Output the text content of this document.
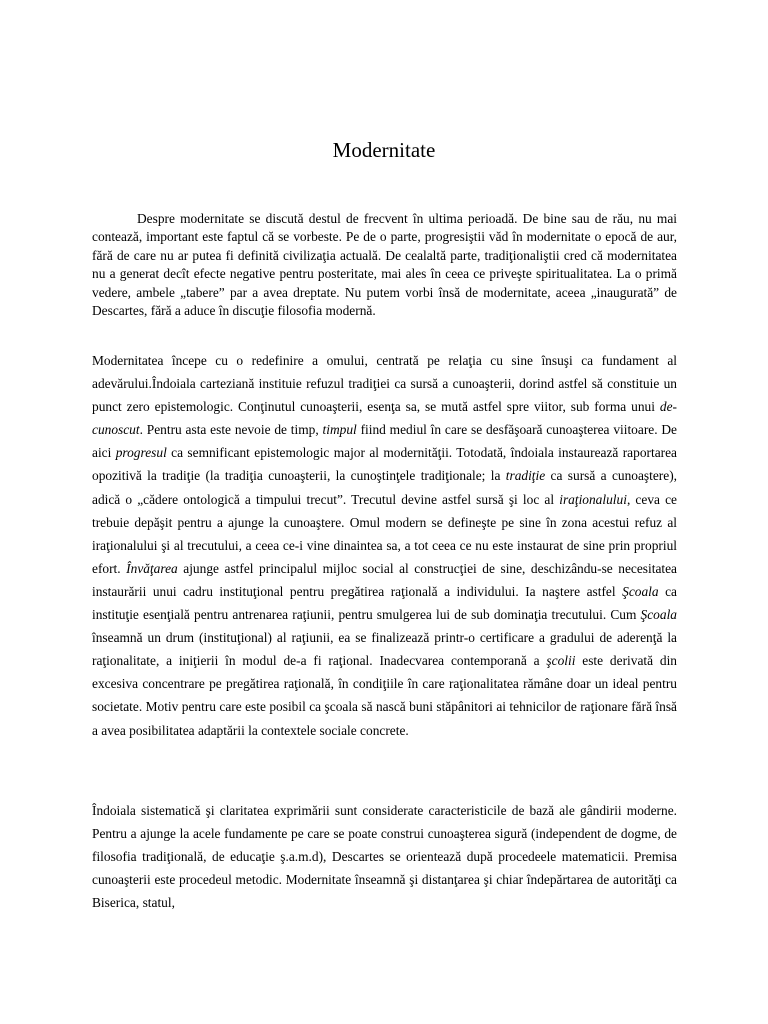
Modernitate

Despre modernitate se discută destul de frecvent în ultima perioadă. De bine sau de rău, nu mai contează, important este faptul că se vorbeste. Pe de o parte, progresiştii văd în modernitate o epocă de aur, fără de care nu ar putea fi definită civilizaţia actuală. De cealaltă parte, tradiţionaliştii cred că modernitatea nu a generat decît efecte negative pentru posteritate, mai ales în ceea ce priveşte spiritualitatea. La o primă vedere, ambele „tabere” par a avea dreptate. Nu putem vorbi însă de modernitate, aceea „inaugurată” de Descartes, fără a aduce în discuţie filosofia modernă.

Modernitatea începe cu o redefinire a omului, centrată pe relaţia cu sine însuşi ca fundament al adevărului.Îndoiala carteziană instituie refuzul tradiţiei ca sursă a cunoaşterii, dorind astfel să constituie un punct zero epistemologic. Conţinutul cunoaşterii, esenţa sa, se mută astfel spre viitor, sub forma unui de-cunoscut. Pentru asta este nevoie de timp, timpul fiind mediul în care se desfăşoară cunoaşterea viitoare. De aici progresul ca semnificant epistemologic major al modernităţii. Totodată, îndoiala instaurează raportarea opozitivă la tradiţie (la tradiţia cunoaşterii, la cunoştinţele tradiţionale; la tradiţie ca sursă a cunoaştere), adică o „cădere ontologică a timpului trecut”. Trecutul devine astfel sursă şi loc al iraţionalului, ceva ce trebuie depăşit pentru a ajunge la cunoaştere. Omul modern se defineşte pe sine în zona acestui refuz al iraţionalului şi al trecutului, a ceea ce-i vine dinaintea sa, a tot ceea ce nu este instaurat de sine prin propriul efort. Învăţarea ajunge astfel principalul mijloc social al construcţiei de sine, deschizându-se necesitatea instaurării unui cadru instituţional pentru pregătirea raţională a individului. Ia naştere astfel Şcoala ca instituţie esenţială pentru antrenarea raţiunii, pentru smulgerea lui de sub dominaţia trecutului. Cum Şcoala înseamnă un drum (instituţional) al raţiunii, ea se finalizează printr-o certificare a gradului de aderenţă la raţionalitate, a iniţierii în modul de-a fi raţional. Inadecvarea contemporană a şcolii este derivată din excesiva concentrare pe pregătirea raţională, în condiţiile în care raţionalitatea rămâne doar un ideal pentru societate. Motiv pentru care este posibil ca şcoala să nască buni stăpânitori ai tehnicilor de raţionare fără însă a avea posibilitatea adaptării la contextele sociale concrete.

Îndoiala sistematică şi claritatea exprimării sunt considerate caracteristicile de bază ale gândirii moderne. Pentru a ajunge la acele fundamente pe care se poate construi cunoaşterea sigură (independent de dogme, de filosofia tradiţională, de educaţie ş.a.m.d), Descartes se orientează după procedeele matematicii. Premisa cunoaşterii este procedeul metodic. Modernitate înseamnă şi distanţarea şi chiar îndepărtarea de autorităţi ca Biserica, statul,
